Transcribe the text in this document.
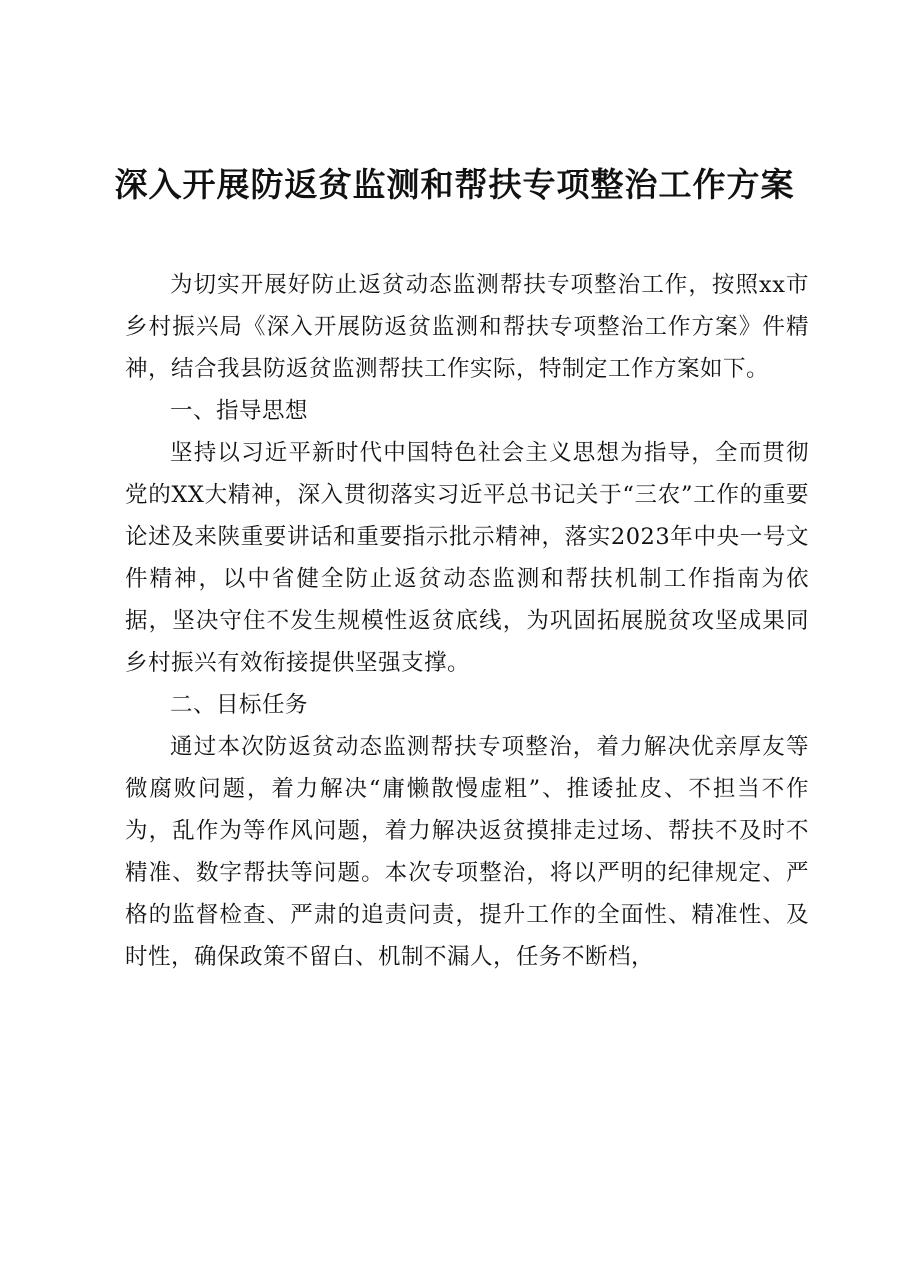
深入开展防返贫监测和帮扶专项整治工作方案

为切实开展好防止返贫动态监测帮扶专项整治工作，按照xx市乡村振兴局《深入开展防返贫监测和帮扶专项整治工作方案》件精神，结合我县防返贫监测帮扶工作实际，特制定工作方案如下。

一、指导思想

坚持以习近平新时代中国特色社会主义思想为指导，全而贯彻党的XX大精神，深入贯彻落实习近平总书记关于“三农”工作的重要论述及来陕重要讲话和重要指示批示精神，落实2023年中央一号文件精神，以中省健全防止返贫动态监测和帮扶机制工作指南为依据，坚决守住不发生规模性返贫底线，为巩固拓展脱贫攻坚成果同乡村振兴有效衔接提供坚强支撑。

二、目标任务

通过本次防返贫动态监测帮扶专项整治，着力解决优亲厚友等微腐败问题，着力解决“庸懒散慢虚粗”、推诿扯皮、不担当不作为，乱作为等作风问题，着力解决返贫摸排走过场、帮扶不及时不精准、数字帮扶等问题。本次专项整治，将以严明的纪律规定、严格的监督检查、严肃的追责问责，提升工作的全面性、精准性、及时性，确保政策不留白、机制不漏人，任务不断档，
